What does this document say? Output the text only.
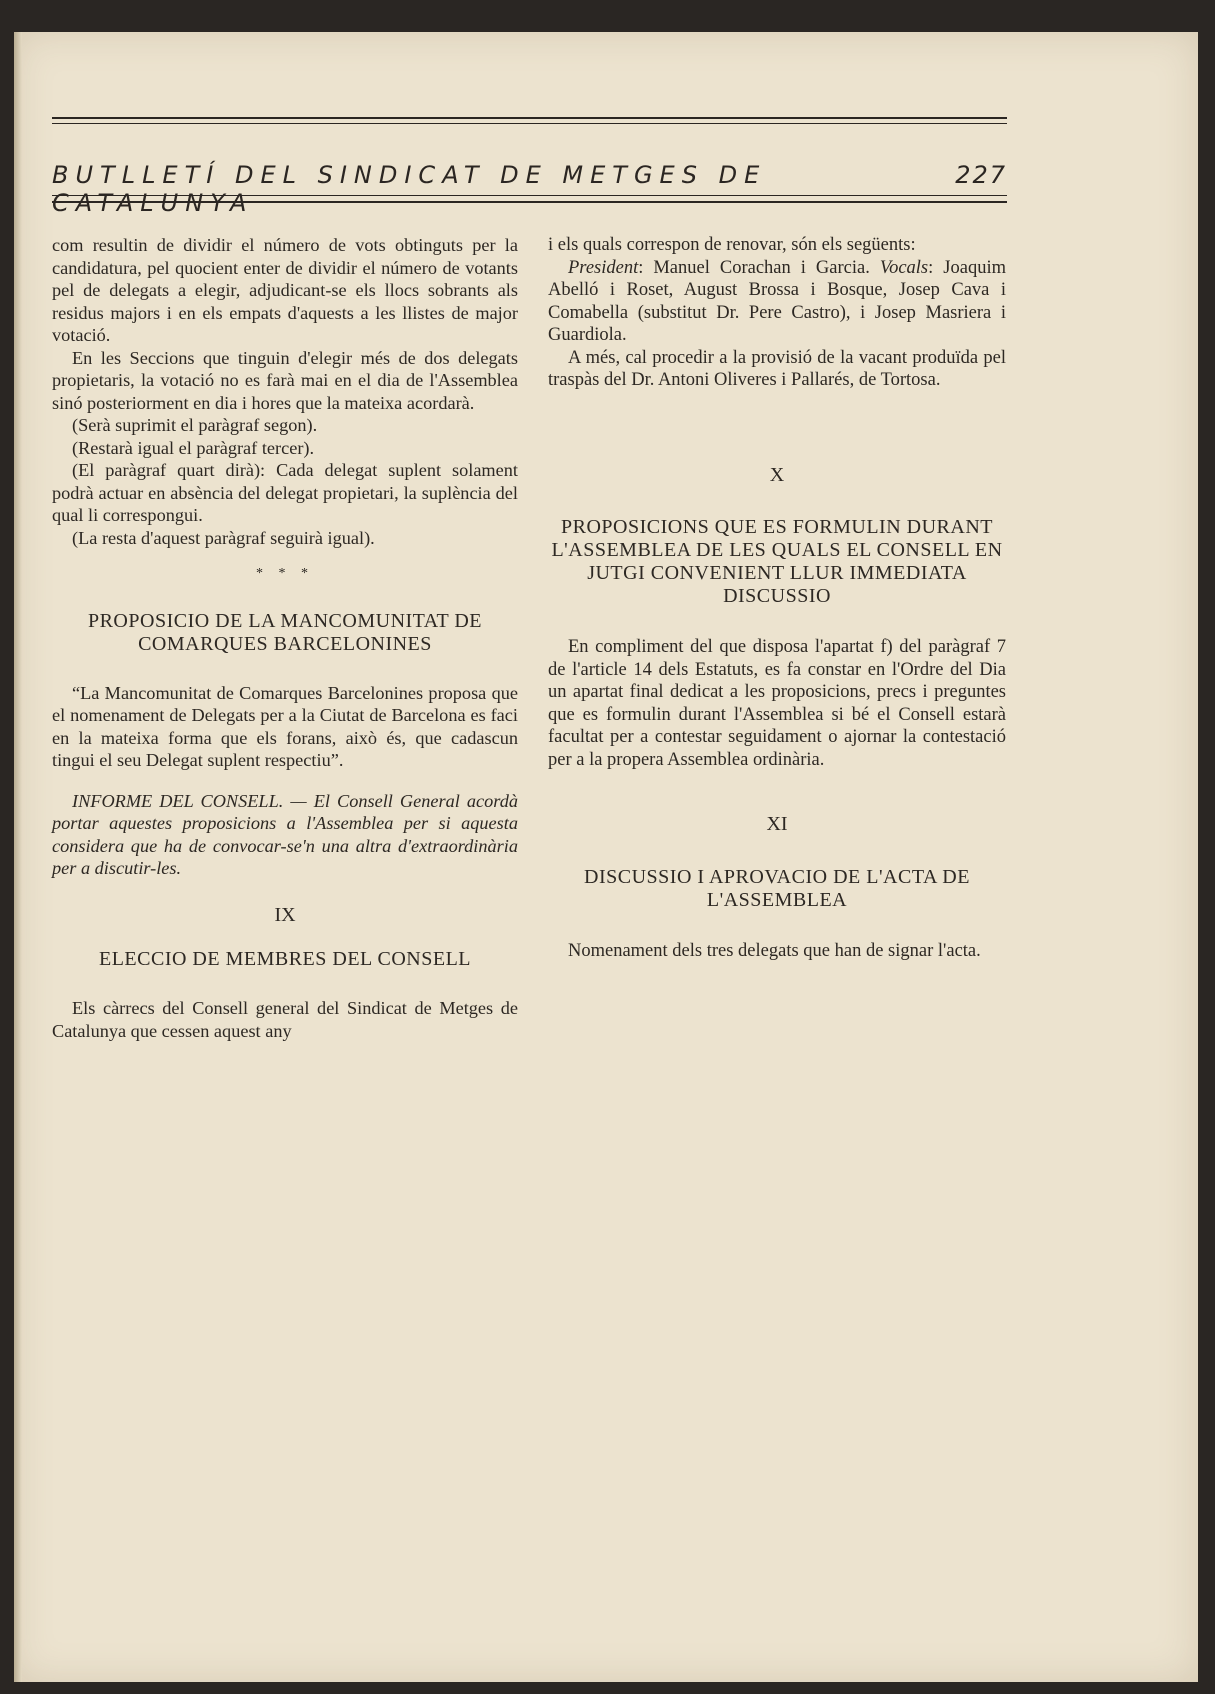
BUTLLETÍ DEL SINDICAT DE METGES DE CATALUNYA
227

com resultin de dividir el número de vots obtinguts per la candidatura, pel quocient enter de dividir el número de votants pel de delegats a elegir, adjudicant-se els llocs sobrants als residus majors i en els empats d'aquests a les llistes de major votació.

En les Seccions que tinguin d'elegir més de dos delegats propietaris, la votació no es farà mai en el dia de l'Assemblea sinó posteriorment en dia i hores que la mateixa acordarà.

(Serà suprimit el paràgraf segon).

(Restarà igual el paràgraf tercer).

(El paràgraf quart dirà): Cada delegat suplent solament podrà actuar en absència del delegat propietari, la suplència del qual li correspongui.

(La resta d'aquest paràgraf seguirà igual).

* * *
PROPOSICIO DE LA MANCOMUNITAT DE COMARQUES BARCELONINES

“La Mancomunitat de Comarques Barcelonines proposa que el nomenament de Delegats per a la Ciutat de Barcelona es faci en la mateixa forma que els forans, això és, que cadascun tingui el seu Delegat suplent respectiu”.

INFORME DEL CONSELL. — El Consell General acordà portar aquestes proposicions a l'Assemblea per si aquesta considera que ha de convocar-se'n una altra d'extraordinària per a discutir-les.

IX
ELECCIO DE MEMBRES DEL CONSELL

Els càrrecs del Consell general del Sindicat de Metges de Catalunya que cessen aquest any

i els quals correspon de renovar, són els següents:

President: Manuel Corachan i Garcia. Vocals: Joaquim Abelló i Roset, August Brossa i Bosque, Josep Cava i Comabella (substitut Dr. Pere Castro), i Josep Masriera i Guardiola.

A més, cal procedir a la provisió de la vacant produïda pel traspàs del Dr. Antoni Oliveres i Pallarés, de Tortosa.

X
PROPOSICIONS QUE ES FORMULIN DURANT L'ASSEMBLEA DE LES QUALS EL CONSELL EN JUTGI CONVENIENT LLUR IMMEDIATA DISCUSSIO

En compliment del que disposa l'apartat f) del paràgraf 7 de l'article 14 dels Estatuts, es fa constar en l'Ordre del Dia un apartat final dedicat a les proposicions, precs i preguntes que es formulin durant l'Assemblea si bé el Consell estarà facultat per a contestar seguidament o ajornar la contestació per a la propera Assemblea ordinària.

XI
DISCUSSIO I APROVACIO DE L'ACTA DE L'ASSEMBLEA

Nomenament dels tres delegats que han de signar l'acta.
